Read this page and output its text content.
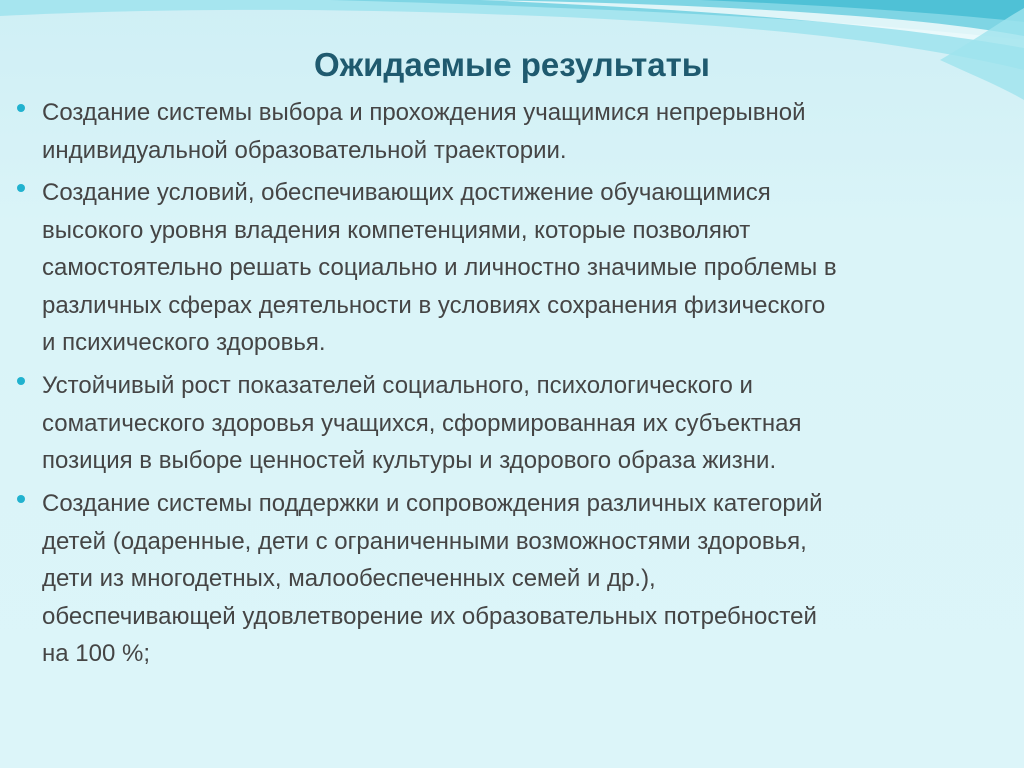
Ожидаемые результаты
Создание системы выбора и прохождения учащимися непрерывной
индивидуальной образовательной траектории.
Создание условий, обеспечивающих достижение обучающимися
высокого уровня владения компетенциями, которые позволяют
самостоятельно решать социально и личностно значимые проблемы в
различных сферах деятельности в условиях сохранения физического
и психического здоровья.
Устойчивый рост показателей социального, психологического и
соматического здоровья учащихся, сформированная их субъектная
позиция в выборе ценностей культуры и здорового образа жизни.
Создание системы поддержки и сопровождения различных категорий
детей (одаренные, дети с ограниченными возможностями здоровья,
дети из многодетных, малообеспеченных семей и др.),
обеспечивающей удовлетворение их образовательных потребностей
на 100 %;
